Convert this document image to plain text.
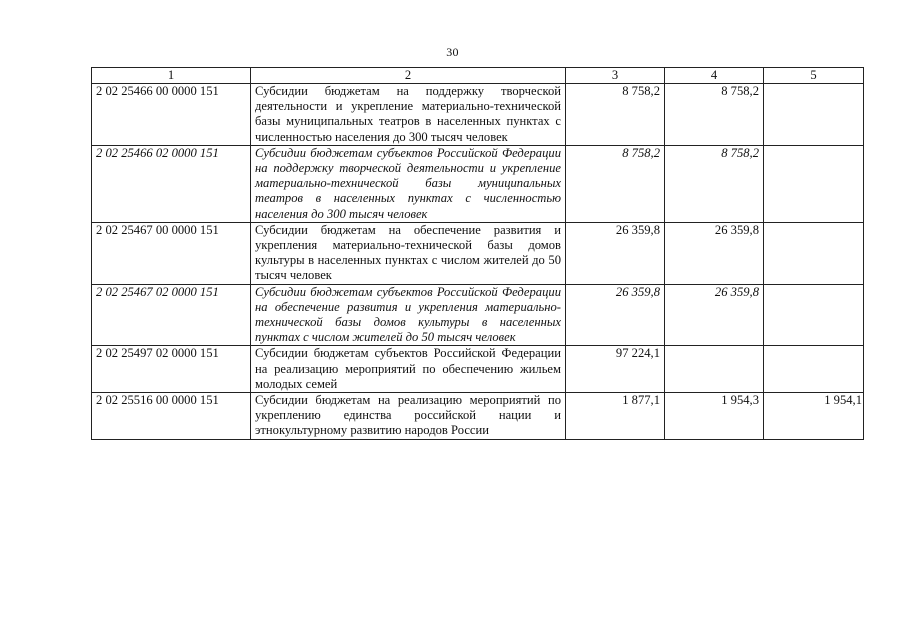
30
1	2	3	4	5
2 02 25466 00 0000 151	Субсидии бюджетам на поддержку творческой деятельности и укрепление материально-технической базы муниципальных театров в населенных пунктах с численностью населения до 300 тысяч человек	8 758,2	8 758,2	
2 02 25466 02 0000 151	Субсидии бюджетам субъектов Российской Федерации на поддержку творческой деятельности и укрепление материально-технической базы муниципальных театров в населенных пунктах с численностью населения до 300 тысяч человек	8 758,2	8 758,2	
2 02 25467 00 0000 151	Субсидии бюджетам на обеспечение развития и укрепления материально-технической базы домов культуры в населенных пунктах с числом жителей до 50 тысяч человек	26 359,8	26 359,8	
2 02 25467 02 0000 151	Субсидии бюджетам субъектов Российской Федерации на обеспечение развития и укрепления материально-технической базы домов культуры в населенных пунктах с числом жителей до 50 тысяч человек	26 359,8	26 359,8	
2 02 25497 02 0000 151	Субсидии бюджетам субъектов Российской Федерации на реализацию мероприятий по обеспечению жильем молодых семей	97 224,1		
2 02 25516 00 0000 151	Субсидии бюджетам на реализацию мероприятий по укреплению единства российской нации и этнокультурному развитию народов России	1 877,1	1 954,3	1 954,1
